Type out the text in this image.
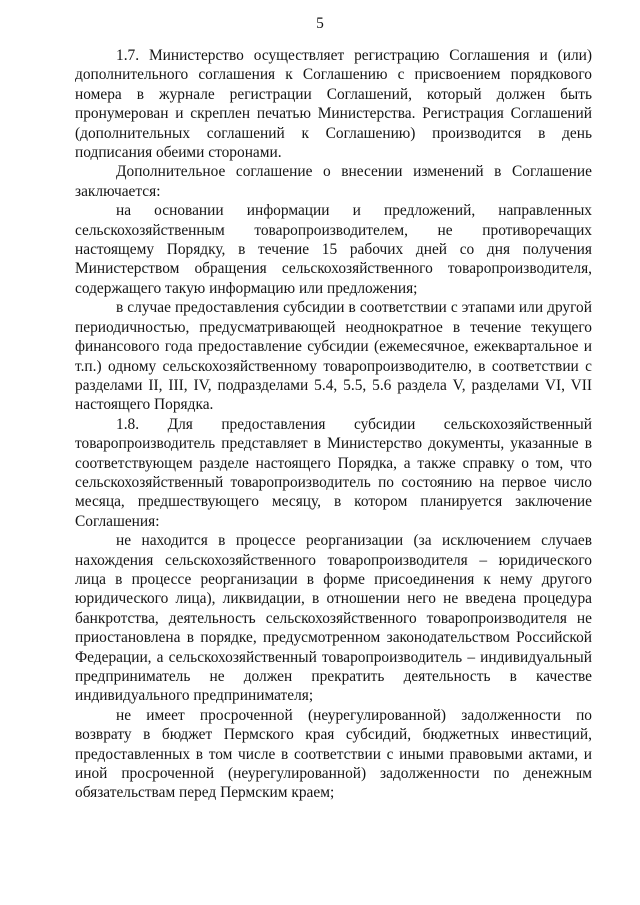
5

1.7. Министерство осуществляет регистрацию Соглашения и (или) дополнительного соглашения к Соглашению с присвоением порядкового номера в журнале регистрации Соглашений, который должен быть пронумерован и скреплен печатью Министерства. Регистрация Соглашений (дополнительных соглашений к Соглашению) производится в день подписания обеими сторонами.

Дополнительное соглашение о внесении изменений в Соглашение заключается:

на основании информации и предложений, направленных сельскохозяйственным товаропроизводителем, не противоречащих настоящему Порядку, в течение 15 рабочих дней со дня получения Министерством обращения сельскохозяйственного товаропроизводителя, содержащего такую информацию или предложения;

в случае предоставления субсидии в соответствии с этапами или другой периодичностью, предусматривающей неоднократное в течение текущего финансового года предоставление субсидии (ежемесячное, ежеквартальное и т.п.) одному сельскохозяйственному товаропроизводителю, в соответствии с разделами II, III, IV, подразделами 5.4, 5.5, 5.6 раздела V, разделами VI, VII настоящего Порядка.

1.8. Для предоставления субсидии сельскохозяйственный товаропроизводитель представляет в Министерство документы, указанные в соответствующем разделе настоящего Порядка, а также справку о том, что сельскохозяйственный товаропроизводитель по состоянию на первое число месяца, предшествующего месяцу, в котором планируется заключение Соглашения:

не находится в процессе реорганизации (за исключением случаев нахождения сельскохозяйственного товаропроизводителя – юридического лица в процессе реорганизации в форме присоединения к нему другого юридического лица), ликвидации, в отношении него не введена процедура банкротства, деятельность сельскохозяйственного товаропроизводителя не приостановлена в порядке, предусмотренном законодательством Российской Федерации, а сельскохозяйственный товаропроизводитель – индивидуальный предприниматель не должен прекратить деятельность в качестве индивидуального предпринимателя;

не имеет просроченной (неурегулированной) задолженности по возврату в бюджет Пермского края субсидий, бюджетных инвестиций, предоставленных в том числе в соответствии с иными правовыми актами, и иной просроченной (неурегулированной) задолженности по денежным обязательствам перед Пермским краем;
